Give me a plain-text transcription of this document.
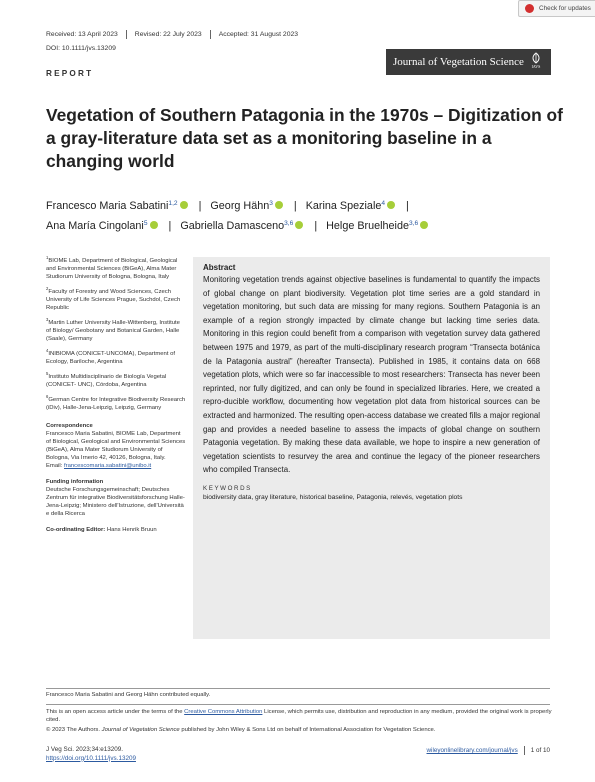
Received: 13 April 2023	Revised: 22 July 2023	Accepted: 31 August 2023
DOI: 10.1111/jvs.13209
Check for updates
Journal of Vegetation Science	IAVS
REPORT
Vegetation of Southern Patagonia in the 1970s – Digitization of a gray-literature data set as a monitoring baseline in a changing world
Francesco Maria Sabatini$^{1,2}$ | Georg Hähn$^3$ | Karina Speziale$^4$ |
Ana María Cingolani$^5$ | Gabriella Damasceno$^{3,6}$ | Helge Bruelheide$^{3,6}$

$^1$BIOME Lab, Department of Biological, Geological and Environmental Sciences (BiGeA), Alma Mater Studiorum University of Bologna, Bologna, Italy

$^2$Faculty of Forestry and Wood Sciences, Czech University of Life Sciences Prague, Suchdol, Czech Republic

$^3$Martin Luther University Halle-Wittenberg, Institute of Biology/ Geobotany and Botanical Garden, Halle (Saale), Germany

$^4$INIBIOMA (CONICET-UNCOMA), Department of Ecology, Bariloche, Argentina

$^5$Instituto Multidisciplinario de Biología Vegetal (CONICET- UNC), Córdoba, Argentina

$^6$German Centre for Integrative Biodiversity Research (iDiv), Halle-Jena-Leipzig, Leipzig, Germany

Correspondence
Francesco Maria Sabatini, BIOME Lab, Department of Biological, Geological and Environmental Sciences (BiGeA), Alma Mater Studiorum University of Bologna, Via Irnerio 42, 40126, Bologna, Italy.
Email: francescomaria.sabatini@unibo.it
Funding information
Deutsche Forschungsgemeinschaft; Deutsches Zentrum für integrative Biodiversitätsforschung Halle-Jena-Leipzig; Ministero dell'Istruzione, dell'Università e della Ricerca
Co-ordinating Editor: Hans Henrik Bruun
Abstract
Monitoring vegetation trends against objective baselines is fundamental to quantify the impacts of global change on plant biodiversity. Vegetation plot time series are a gold standard in vegetation monitoring, but such data are missing for many regions. Southern Patagonia is an example of a region strongly impacted by climate change but lacking time series data. Monitoring in this region could benefit from a comparison with vegetation survey data gathered between 1975 and 1979, as part of the multi-disciplinary research program “Transecta botánica de la Patagonia austral” (hereafter Transecta). Published in 1985, it contains data on 668 vegetation plots, which were so far inaccessible to most researchers: Transecta has never been reprinted, nor fully digitized, and can only be found in specialized libraries. Here, we created a repro-ducible workflow, documenting how vegetation plot data from historical sources can be extracted and harmonized. The resulting open-access database we created fills a major regional gap and provides a needed baseline to assess the impacts of global change on southern Patagonia vegetation. By making these data available, we hope to inspire a new generation of vegetation scientists to resurvey the area and continue the legacy of the pioneer researchers who compiled Transecta.
KEYWORDS
biodiversity data, gray literature, historical baseline, Patagonia, relevés, vegetation plots
Francesco Maria Sabatini and Georg Hähn contributed equally.
This is an open access article under the terms of the Creative Commons Attribution License, which permits use, distribution and reproduction in any medium, provided the original work is properly cited.
© 2023 The Authors. Journal of Vegetation Science published by John Wiley & Sons Ltd on behalf of International Association for Vegetation Science.
J Veg Sci. 2023;34:e13209.
https://doi.org/10.1111/jvs.13209
wileyonlinelibrary.com/journal/jvs 1 of 10
